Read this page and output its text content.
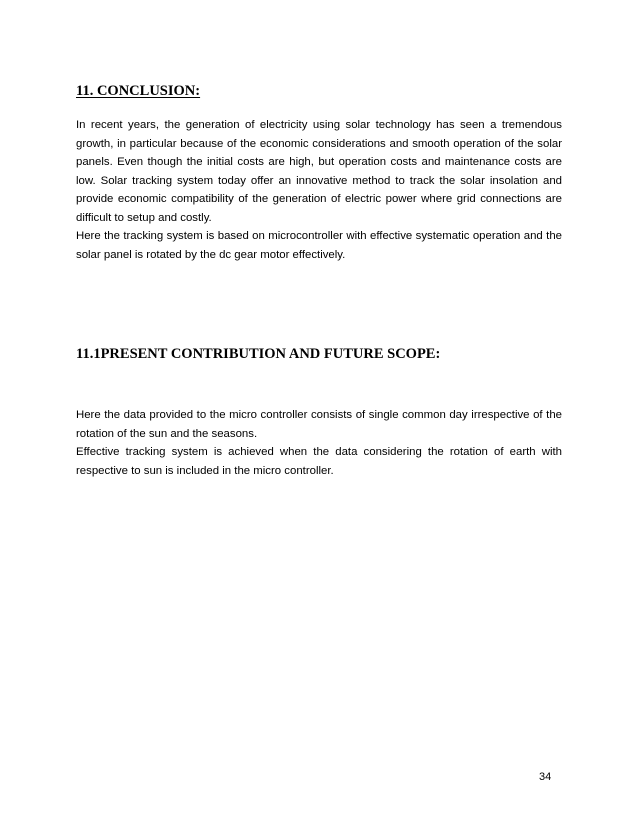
11. CONCLUSION:
In recent years, the generation of electricity using solar technology has seen a tremendous growth, in particular because of the economic considerations and smooth operation of the solar panels. Even though the initial costs are high, but operation costs and maintenance costs are low. Solar tracking system today offer an innovative method to track the solar insolation and provide economic compatibility of the generation of electric power where grid connections are difficult to setup and costly.
Here the tracking system is based on microcontroller with effective systematic operation and the solar panel is rotated by the dc gear motor effectively.
11.1PRESENT CONTRIBUTION AND FUTURE SCOPE:
Here the data provided to the micro controller consists of single common day irrespective of the rotation of the sun and the seasons.
Effective tracking system is achieved when the data considering the rotation of earth with respective to sun is included in the micro controller.
34
